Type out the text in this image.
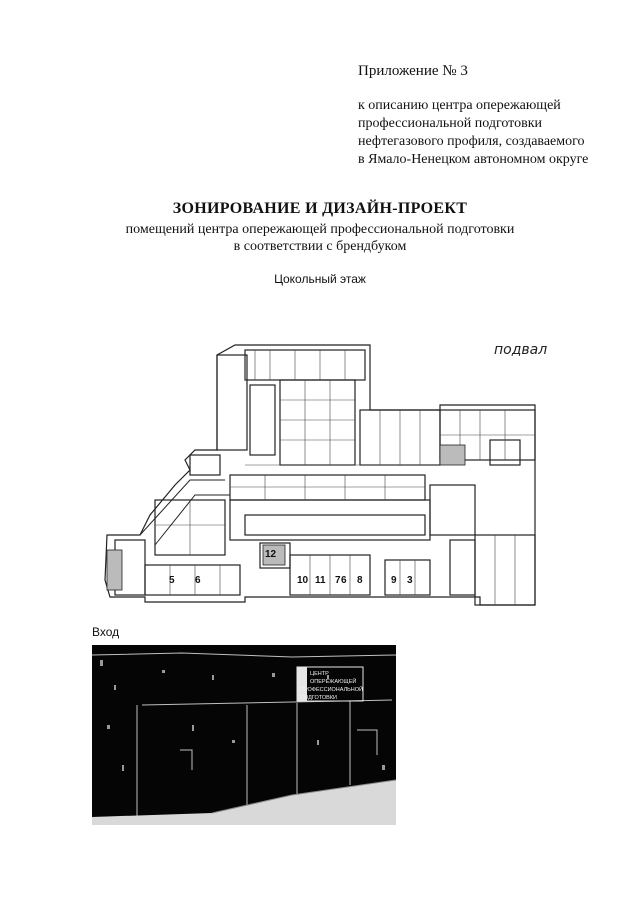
Приложение № 3
к описанию центра опережающей
профессиональной подготовки
нефтегазового профиля, создаваемого
в Ямало-Ненецком автономном округе
ЗОНИРОВАНИЕ И ДИЗАЙН-ПРОЕКТ
помещений центра опережающей профессиональной подготовки
в соответствии с брендбуком
Цокольный этаж
подвал
12
5 6	10 11 7 6 8	9 3
Вход
ЦЕНТР
ОПЕРЕЖАЮЩЕЙ
ПРОФЕССИОНАЛЬНОЙ
ПОДГОТОВКИ
